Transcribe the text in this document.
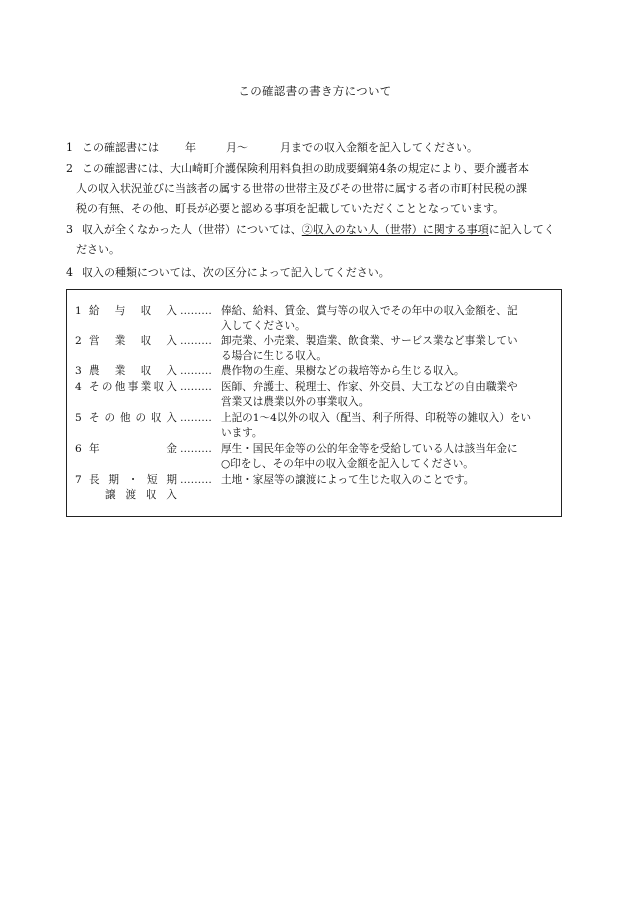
この確認書の書き方について
1 この確認書には 年	月～	月までの収入金額を記入してください。
2 この確認書には、大山崎町介護保険利用料負担の助成要綱第4条の規定により、要介護者本
人の収入状況並びに当該者の属する世帯の世帯主及びその世帯に属する者の市町村民税の課
税の有無、その他、町長が必要と認める事項を記載していただくこととなっています。
3 収入が全くなかった人（世帯）については、②収入のない人（世帯）に関する事項に記入してく
ださい。
4 収入の種類については、次の区分によって記入してください。
1 給与収入 ……… 俸給、給料、賃金、賞与等の収入でその年中の収入金額を、記
入してください。
2 営業収入 ……… 卸売業、小売業、製造業、飲食業、サービス業など事業してい
る場合に生じる収入。
3 農業収入 ……… 農作物の生産、果樹などの栽培等から生じる収入。
4 その他事業収入 ……… 医師、弁護士、税理士、作家、外交員、大工などの自由職業や
営業又は農業以外の事業収入。
5 その他の収入 ……… 上記の1～4以外の収入（配当、利子所得、印税等の雑収入）をい
います。
6 年金 ……… 厚生・国民年金等の公的年金等を受給している人は該当年金に
○印をし、その年中の収入金額を記入してください。
7 長期・短期
譲渡収入
……… 土地・家屋等の譲渡によって生じた収入のことです。
